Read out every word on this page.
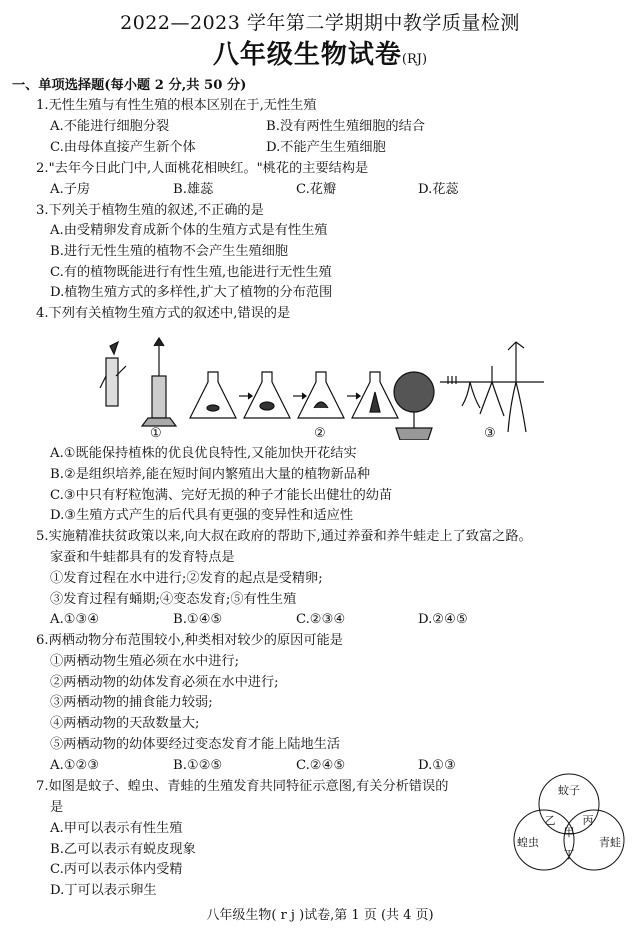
2022—2023 学年第二学期期中教学质量检测
八年级生物试卷(RJ)
一、单项选择题(每小题 2 分,共 50 分)
1.无性生殖与有性生殖的根本区别在于,无性生殖
A.不能进行细胞分裂	B.没有两性生殖细胞的结合
C.由母体直接产生新个体	D.不能产生生殖细胞
2."去年今日此门中,人面桃花相映红。"桃花的主要结构是
A.子房	B.雄蕊	C.花瓣	D.花蕊
3.下列关于植物生殖的叙述,不正确的是
A.由受精卵发育成新个体的生殖方式是有性生殖
B.进行无性生殖的植物不会产生生殖细胞
C.有的植物既能进行有性生殖,也能进行无性生殖
D.植物生殖方式的多样性,扩大了植物的分布范围
4.下列有关植物生殖方式的叙述中,错误的是
①	②	③
A.①既能保持植株的优良优良特性,又能加快开花结实
B.②是组织培养,能在短时间内繁殖出大量的植物新品种
C.③中只有籽粒饱满、完好无损的种子才能长出健壮的幼苗
D.③生殖方式产生的后代具有更强的变异性和适应性
5.实施精准扶贫政策以来,向大叔在政府的帮助下,通过养蚕和养牛蛙走上了致富之路。
家蚕和牛蛙都具有的发育特点是
①发育过程在水中进行;②发育的起点是受精卵;
③发育过程有蛹期;④变态发育;⑤有性生殖
A.①③④	B.①④⑤	C.②③④	D.②④⑤
6.两栖动物分布范围较小,种类相对较少的原因可能是
①两栖动物生殖必须在水中进行;
②两栖动物的幼体发育必须在水中进行;
③两栖动物的捕食能力较弱;
④两栖动物的天敌数量大;
⑤两栖动物的幼体要经过变态发育才能上陆地生活
A.①②③	B.①②⑤	C.②④⑤	D.①③
7.如图是蚊子、蝗虫、青蛙的生殖发育共同特征示意图,有关分析错误的
是
A.甲可以表示有性生殖
B.乙可以表示有蜕皮现象
C.丙可以表示体内受精
D.丁可以表示卵生
蚊子
蝗虫	青蛙
甲
乙 丙
丁
八年级生物( r j )试卷,第 1 页 (共 4 页)
